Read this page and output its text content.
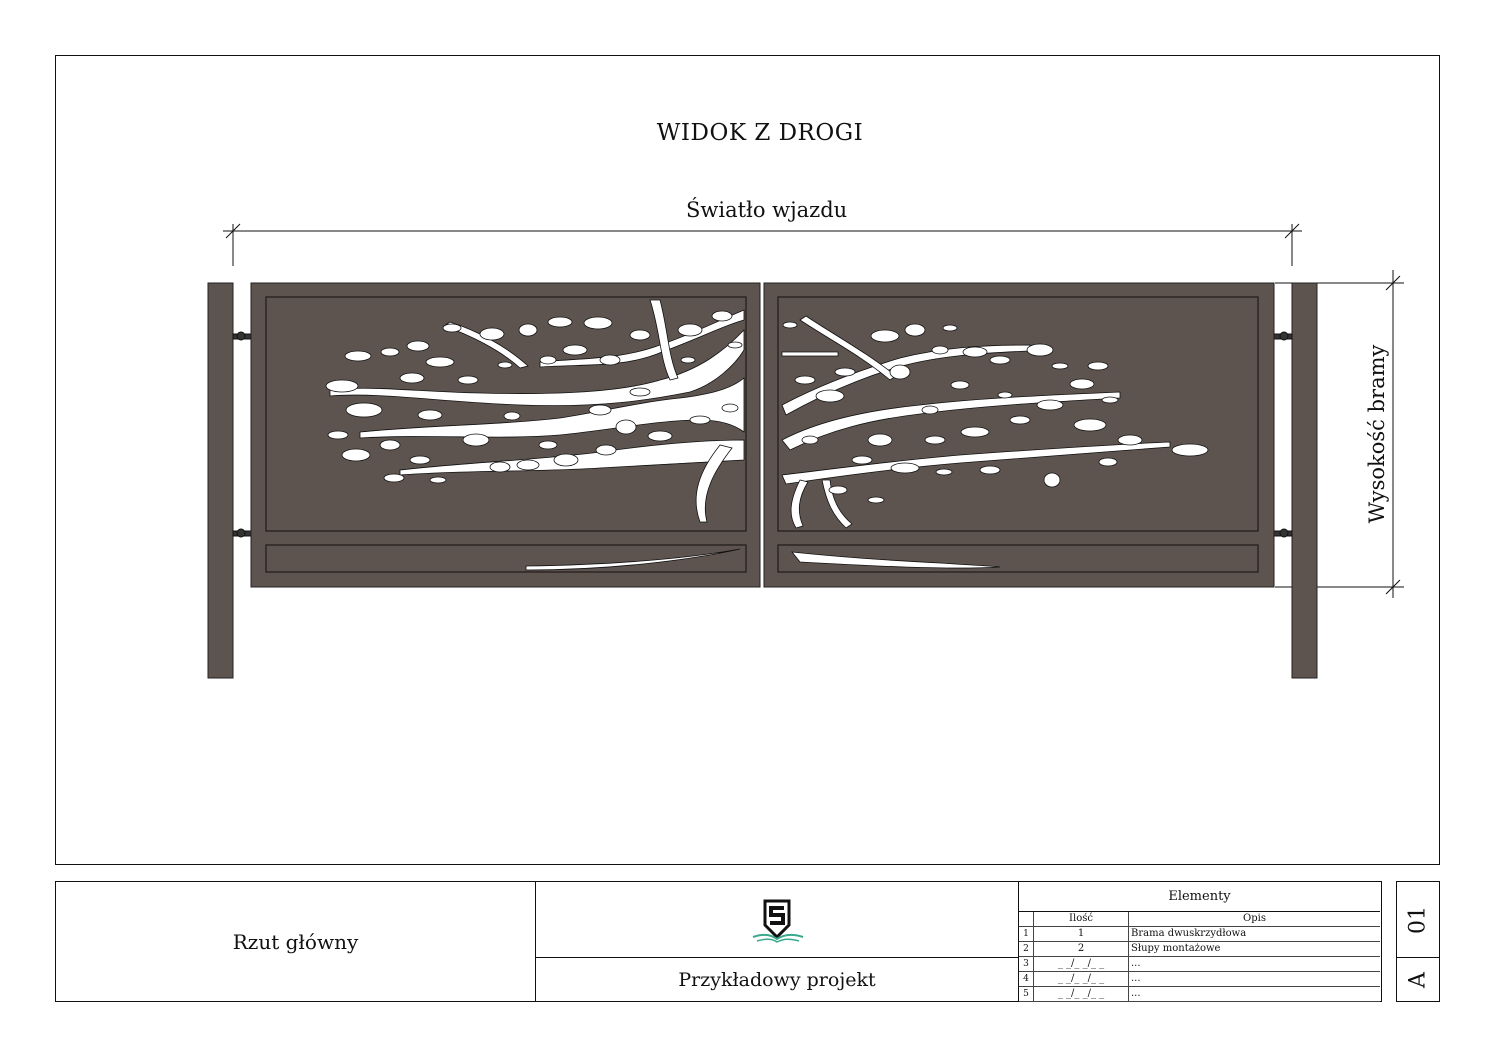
WIDOK Z DROGI
Światło wjazdu
Wysokość bramy
Rzut główny
Przykładowy projekt
Elementy
	Ilość	Opis
1	1	Brama dwuskrzydłowa
2	2	Słupy montażowe
3	_ _/_ _/_ _	...
4	_ _/_ _/_ _	...
5	_ _/_ _/_ _	...
01
A
